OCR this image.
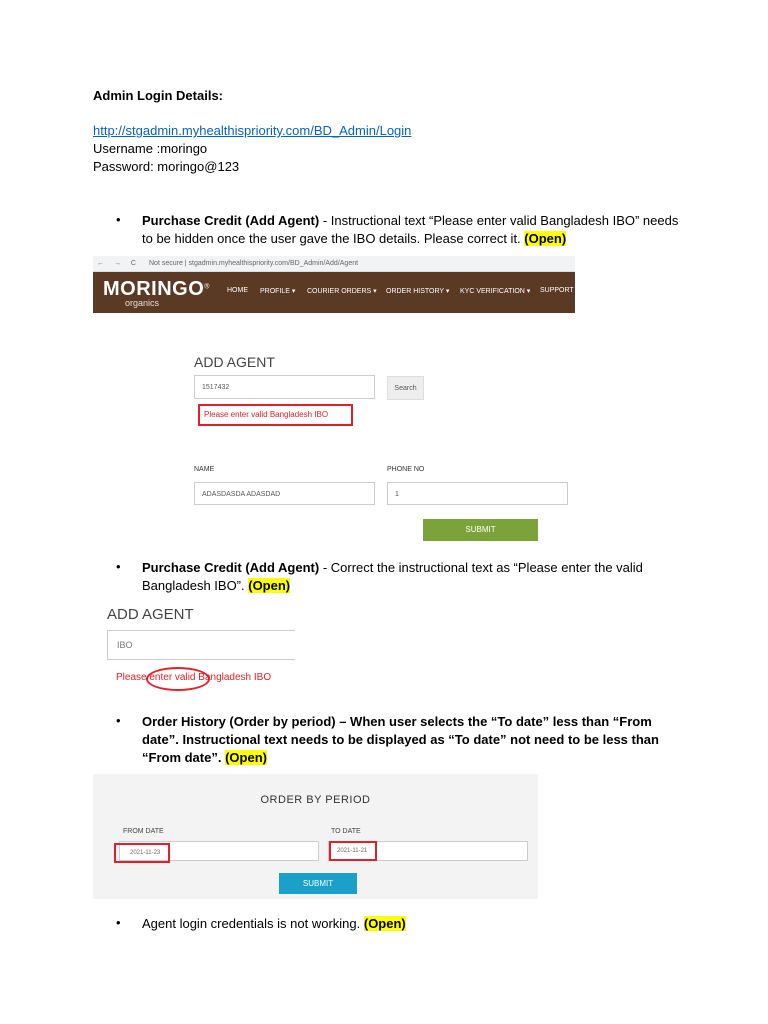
Admin Login Details:
http://stgadmin.myhealthispriority.com/BD_Admin/Login
Username :moringo
Password: moringo@123
• Purchase Credit (Add Agent) - Instructional text “Please enter valid Bangladesh IBO” needs to be hidden once the user gave the IBO details. Please correct it. (Open)
← → C Not secure | stgadmin.myhealthispriority.com/BD_Admin/Add/Agent
MORINGO®
organics
HOME PROFILE ▾ COURIER ORDERS ▾ ORDER HISTORY ▾ KYC VERIFICATION ▾ SUPPORT
ADD AGENT
1517432	Search
Please enter valid Bangladesh IBO
NAME
ADASDASDA ADASDAD
PHONE NO
1
SUBMIT
• Purchase Credit (Add Agent) - Correct the instructional text as “Please enter the valid Bangladesh IBO”. (Open)
ADD AGENT
IBO
Please enter valid Bangladesh IBO
• Order History (Order by period) – When user selects the “To date” less than “From date”. Instructional text needs to be displayed as “To date” not need to be less than “From date”. (Open)
ORDER BY PERIOD
FROM DATE
2021-11-23
TO DATE
2021-11-21
SUBMIT
• Agent login credentials is not working. (Open)
